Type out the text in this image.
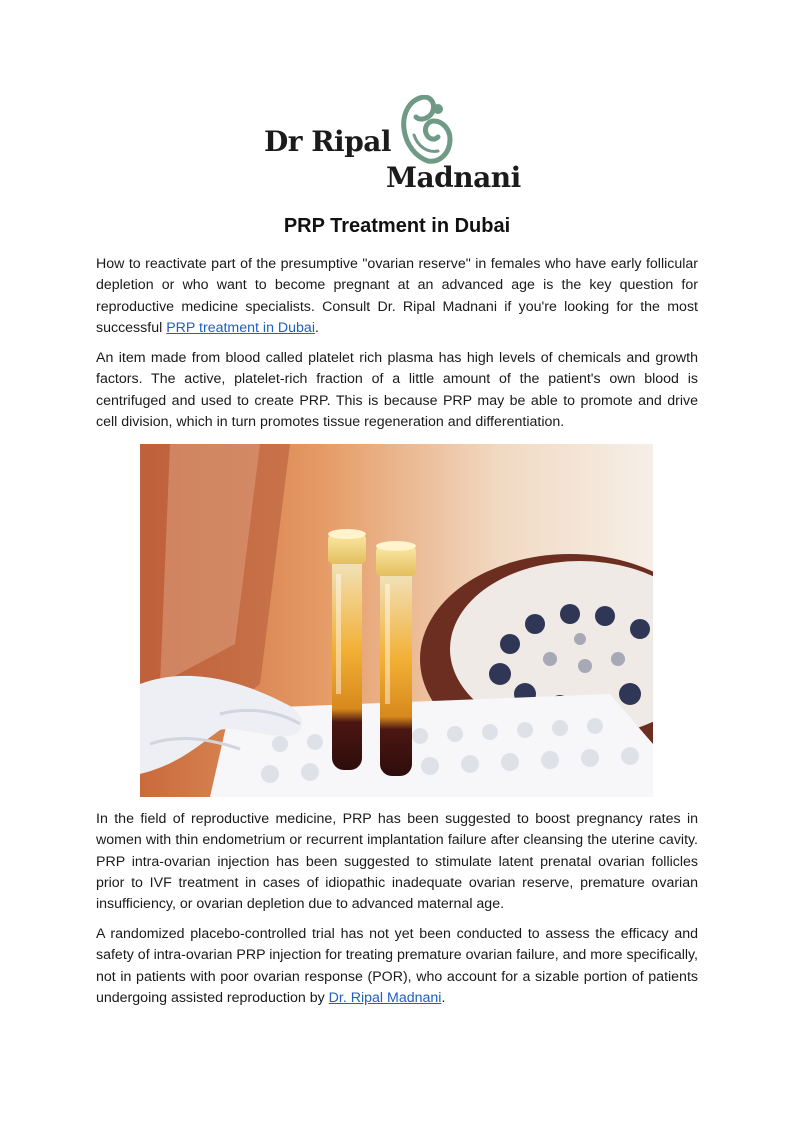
Dr Ripal
Madnani
PRP Treatment in Dubai

How to reactivate part of the presumptive "ovarian reserve" in females who have early follicular depletion or who want to become pregnant at an advanced age is the key question for reproductive medicine specialists. Consult Dr. Ripal Madnani if you're looking for the most successful PRP treatment in Dubai.

An item made from blood called platelet rich plasma has high levels of chemicals and growth factors. The active, platelet-rich fraction of a little amount of the patient's own blood is centrifuged and used to create PRP. This is because PRP may be able to promote and drive cell division, which in turn promotes tissue regeneration and differentiation.

In the field of reproductive medicine, PRP has been suggested to boost pregnancy rates in women with thin endometrium or recurrent implantation failure after cleansing the uterine cavity. PRP intra-ovarian injection has been suggested to stimulate latent prenatal ovarian follicles prior to IVF treatment in cases of idiopathic inadequate ovarian reserve, premature ovarian insufficiency, or ovarian depletion due to advanced maternal age.

A randomized placebo-controlled trial has not yet been conducted to assess the efficacy and safety of intra-ovarian PRP injection for treating premature ovarian failure, and more specifically, not in patients with poor ovarian response (POR), who account for a sizable portion of patients undergoing assisted reproduction by Dr. Ripal Madnani.
